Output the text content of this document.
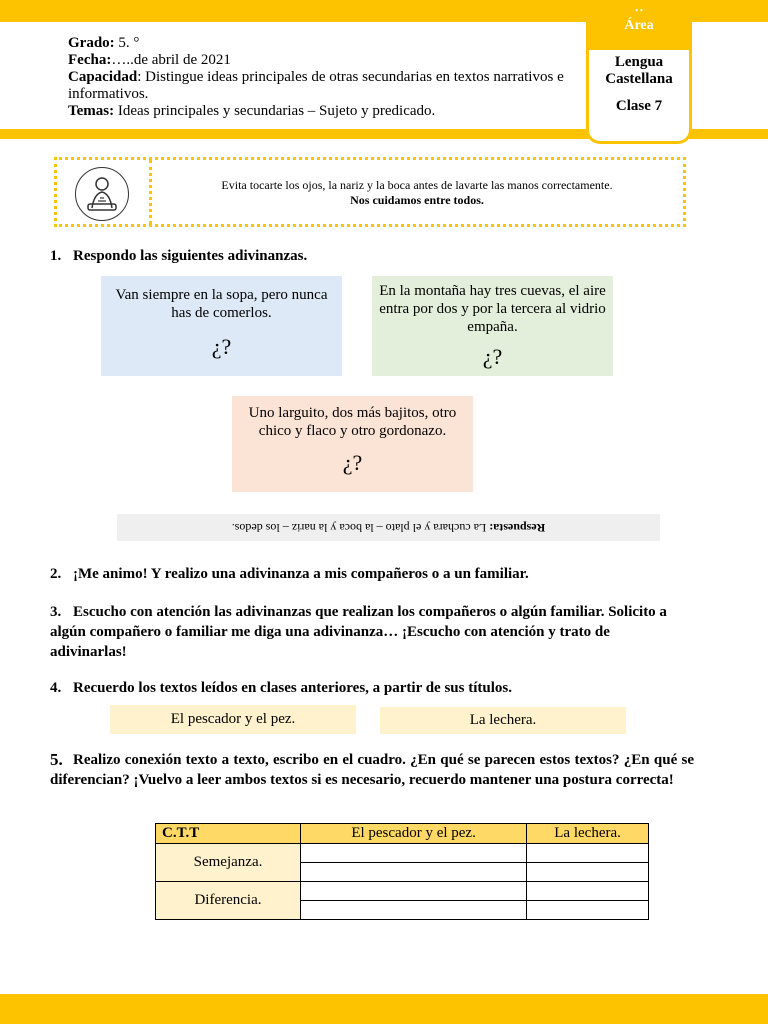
• •
Área
Lengua Castellana
Clase 7
Grado: 5. °
Fecha:…..de abril de 2021
Capacidad: Distingue ideas principales de otras secundarias en textos narrativos e informativos.
Temas: Ideas principales y secundarias – Sujeto y predicado.
Evita tocarte los ojos, la nariz y la boca antes de lavarte las manos correctamente.
Nos cuidamos entre todos.
1. Respondo las siguientes adivinanzas.
Van siempre en la sopa, pero nunca has de comerlos.
¿?
En la montaña hay tres cuevas, el aire entra por dos y por la tercera al vidrio empaña.
¿?
Uno larguito, dos más bajitos, otro chico y flaco y otro gordonazo.
¿?
Respuesta: La cuchara y el plato – la boca y la nariz – los dedos.
2. ¡Me animo! Y realizo una adivinanza a mis compañeros o a un familiar.
3. Escucho con atención las adivinanzas que realizan los compañeros o algún familiar. Solicito a algún compañero o familiar me diga una adivinanza… ¡Escucho con atención y trato de adivinarlas!
4. Recuerdo los textos leídos en clases anteriores, a partir de sus títulos.
El pescador y el pez.	La lechera.
5. Realizo conexión texto a texto, escribo en el cuadro. ¿En qué se parecen estos textos? ¿En qué se diferencian? ¡Vuelvo a leer ambos textos si es necesario, recuerdo mantener una postura correcta!
C.T.T	El pescador y el pez.	La lechera.
Semejanza.		

Diferencia.		
